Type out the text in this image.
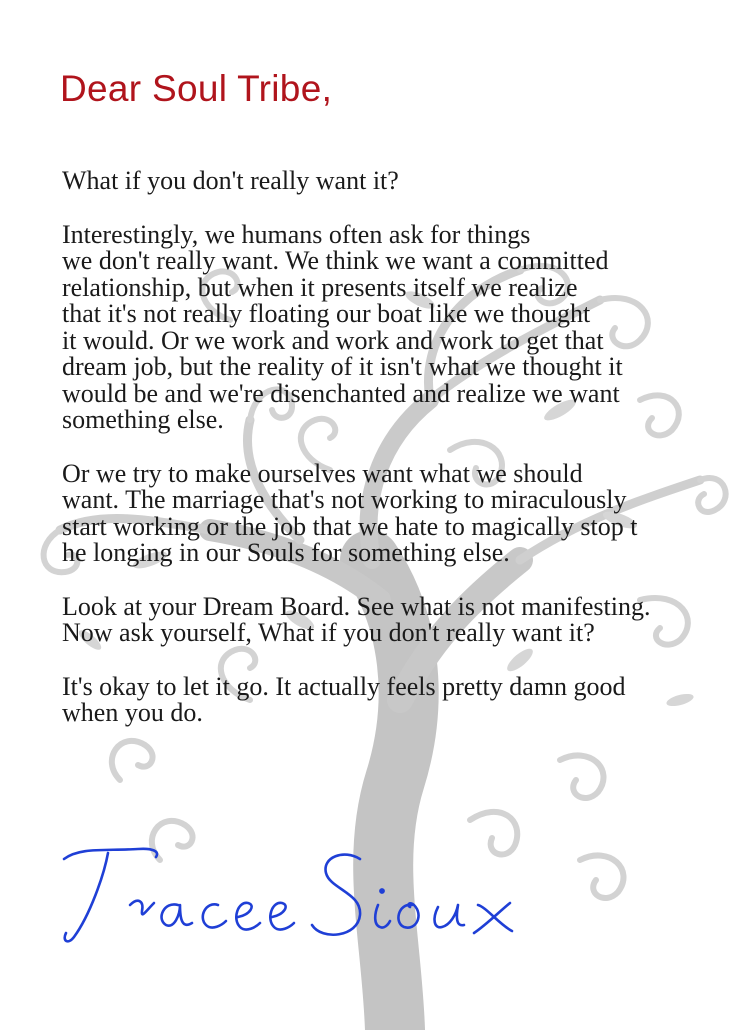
Dear Soul Tribe,
What if you don't really want it?
Interestingly, we humans often ask for things
we don't really want. We think we want a committed
relationship, but when it presents itself we realize
that it's not really floating our boat like we thought
it would. Or we work and work and work to get that
dream job, but the reality of it isn't what we thought it
would be and we're disenchanted and realize we want
something else.
Or we try to make ourselves want what we should
want. The marriage that's not working to miraculously
start working or the job that we hate to magically stop t
he longing in our Souls for something else.
Look at your Dream Board. See what is not manifesting.
Now ask yourself, What if you don't really want it?
It's okay to let it go. It actually feels pretty damn good
when you do.
